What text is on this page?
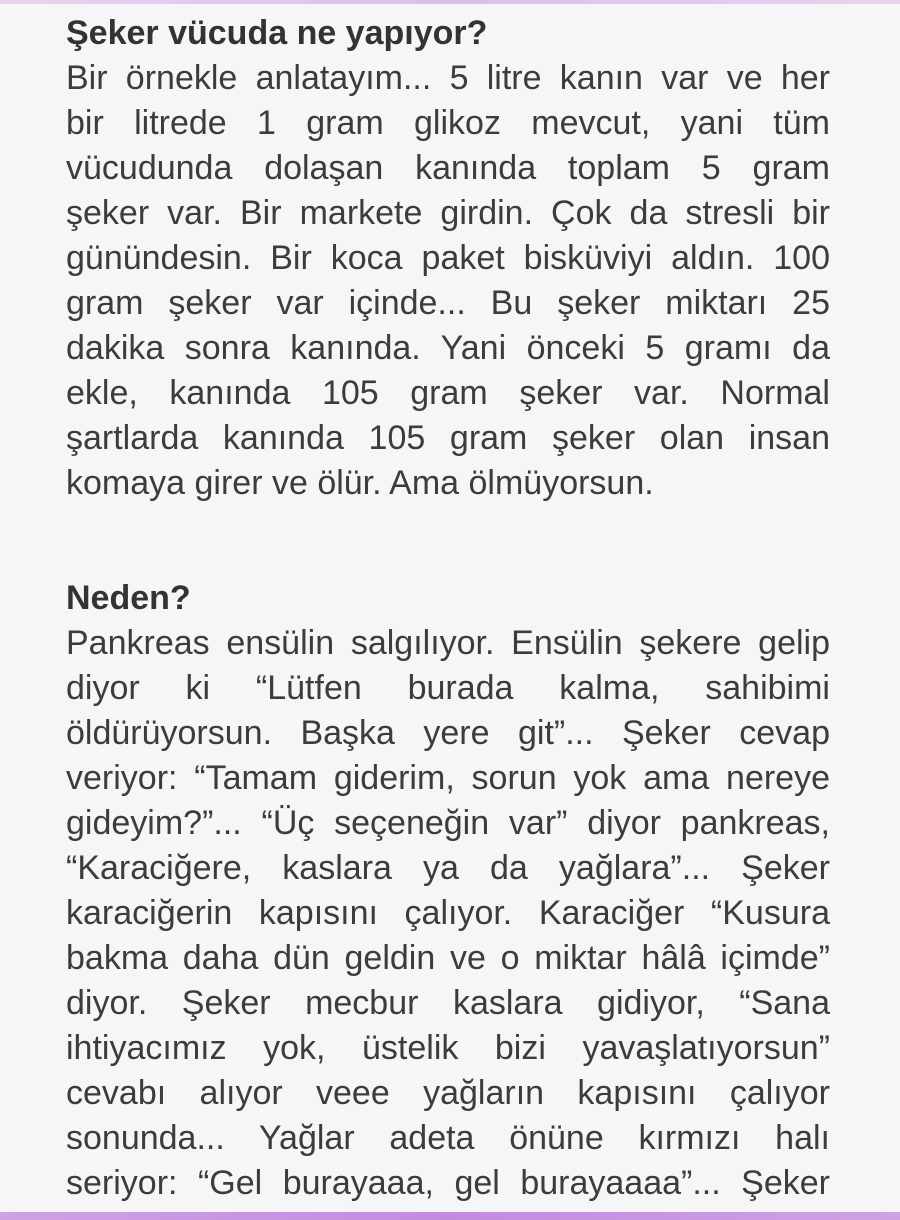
Şeker vücuda ne yapıyor?
Bir örnekle anlatayım... 5 litre kanın var ve her
bir litrede 1 gram glikoz mevcut, yani tüm
vücudunda dolaşan kanında toplam 5 gram
şeker var. Bir markete girdin. Çok da stresli bir
günündesin. Bir koca paket bisküviyi aldın. 100
gram şeker var içinde... Bu şeker miktarı 25
dakika sonra kanında. Yani önceki 5 gramı da
ekle, kanında 105 gram şeker var. Normal
şartlarda kanında 105 gram şeker olan insan
komaya girer ve ölür. Ama ölmüyorsun.
Neden?
Pankreas ensülin salgılıyor. Ensülin şekere gelip
diyor ki “Lütfen burada kalma, sahibimi
öldürüyorsun. Başka yere git”... Şeker cevap
veriyor: “Tamam giderim, sorun yok ama nereye
gideyim?”... “Üç seçeneğin var” diyor pankreas,
“Karaciğere, kaslara ya da yağlara”... Şeker
karaciğerin kapısını çalıyor. Karaciğer “Kusura
bakma daha dün geldin ve o miktar hâlâ içimde”
diyor. Şeker mecbur kaslara gidiyor, “Sana
ihtiyacımız yok, üstelik bizi yavaşlatıyorsun”
cevabı alıyor veee yağların kapısını çalıyor
sonunda... Yağlar adeta önüne kırmızı halı
seriyor: “Gel burayaaa, gel burayaaaa”... Şeker
